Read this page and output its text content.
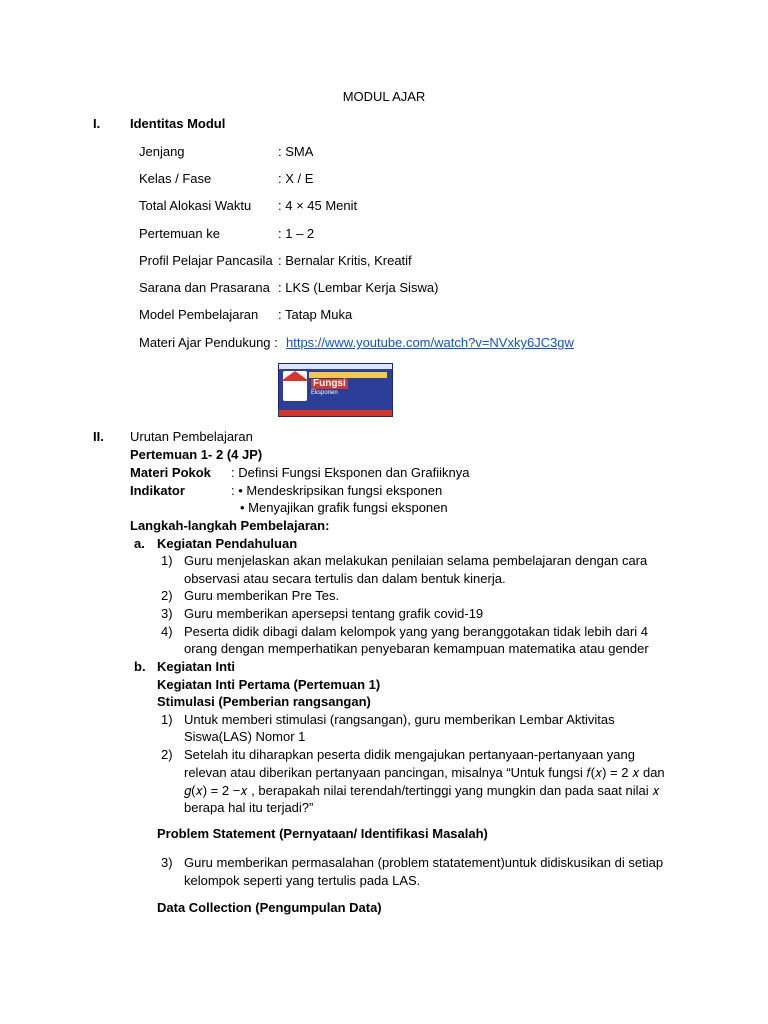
MODUL AJAR
I. Identitas Modul
Jenjang	: SMA
Kelas / Fase	: X / E
Total Alokasi Waktu : 4 × 45 Menit
Pertemuan ke	: 1 – 2
Profil Pelajar Pancasila : Bernalar Kritis, Kreatif
Sarana dan Prasarana : LKS (Lembar Kerja Siswa)
Model Pembelajaran : Tatap Muka
Materi Ajar Pendukung : https://www.youtube.com/watch?v=NVxky6JC3gw
Fungsi
Eksponen
II. Urutan Pembelajaran
Pertemuan 1- 2 (4 JP)
Materi Pokok : Definsi Fungsi Eksponen dan Grafiiknya
Indikator	: • Mendeskripsikan fungsi eksponen
• Menyajikan grafik fungsi eksponen
Langkah-langkah Pembelajaran:
a. Kegiatan Pendahuluan
1) Guru menjelaskan akan melakukan penilaian selama pembelajaran dengan cara
observasi atau secara tertulis dan dalam bentuk kinerja.
2) Guru memberikan Pre Tes.
3) Guru memberikan apersepsi tentang grafik covid-19
4) Peserta didik dibagi dalam kelompok yang yang beranggotakan tidak lebih dari 4
orang dengan memperhatikan penyebaran kemampuan matematika atau gender
b. Kegiatan Inti
Kegiatan Inti Pertama (Pertemuan 1)
Stimulasi (Pemberian rangsangan)
1) Untuk memberi stimulasi (rangsangan), guru memberikan Lembar Aktivitas
Siswa(LAS) Nomor 1
2) Setelah itu diharapkan peserta didik mengajukan pertanyaan-pertanyaan yang
relevan atau diberikan pertanyaan pancingan, misalnya “Untuk fungsi 𝑓(𝑥) = 2 𝑥 dan
𝑔(𝑥) = 2 −𝑥 , berapakah nilai terendah/tertinggi yang mungkin dan pada saat nilai 𝑥
berapa hal itu terjadi?”
Problem Statement (Pernyataan/ Identifikasi Masalah)
3) Guru memberikan permasalahan (problem statatement)untuk didiskusikan di setiap
kelompok seperti yang tertulis pada LAS.
Data Collection (Pengumpulan Data)
